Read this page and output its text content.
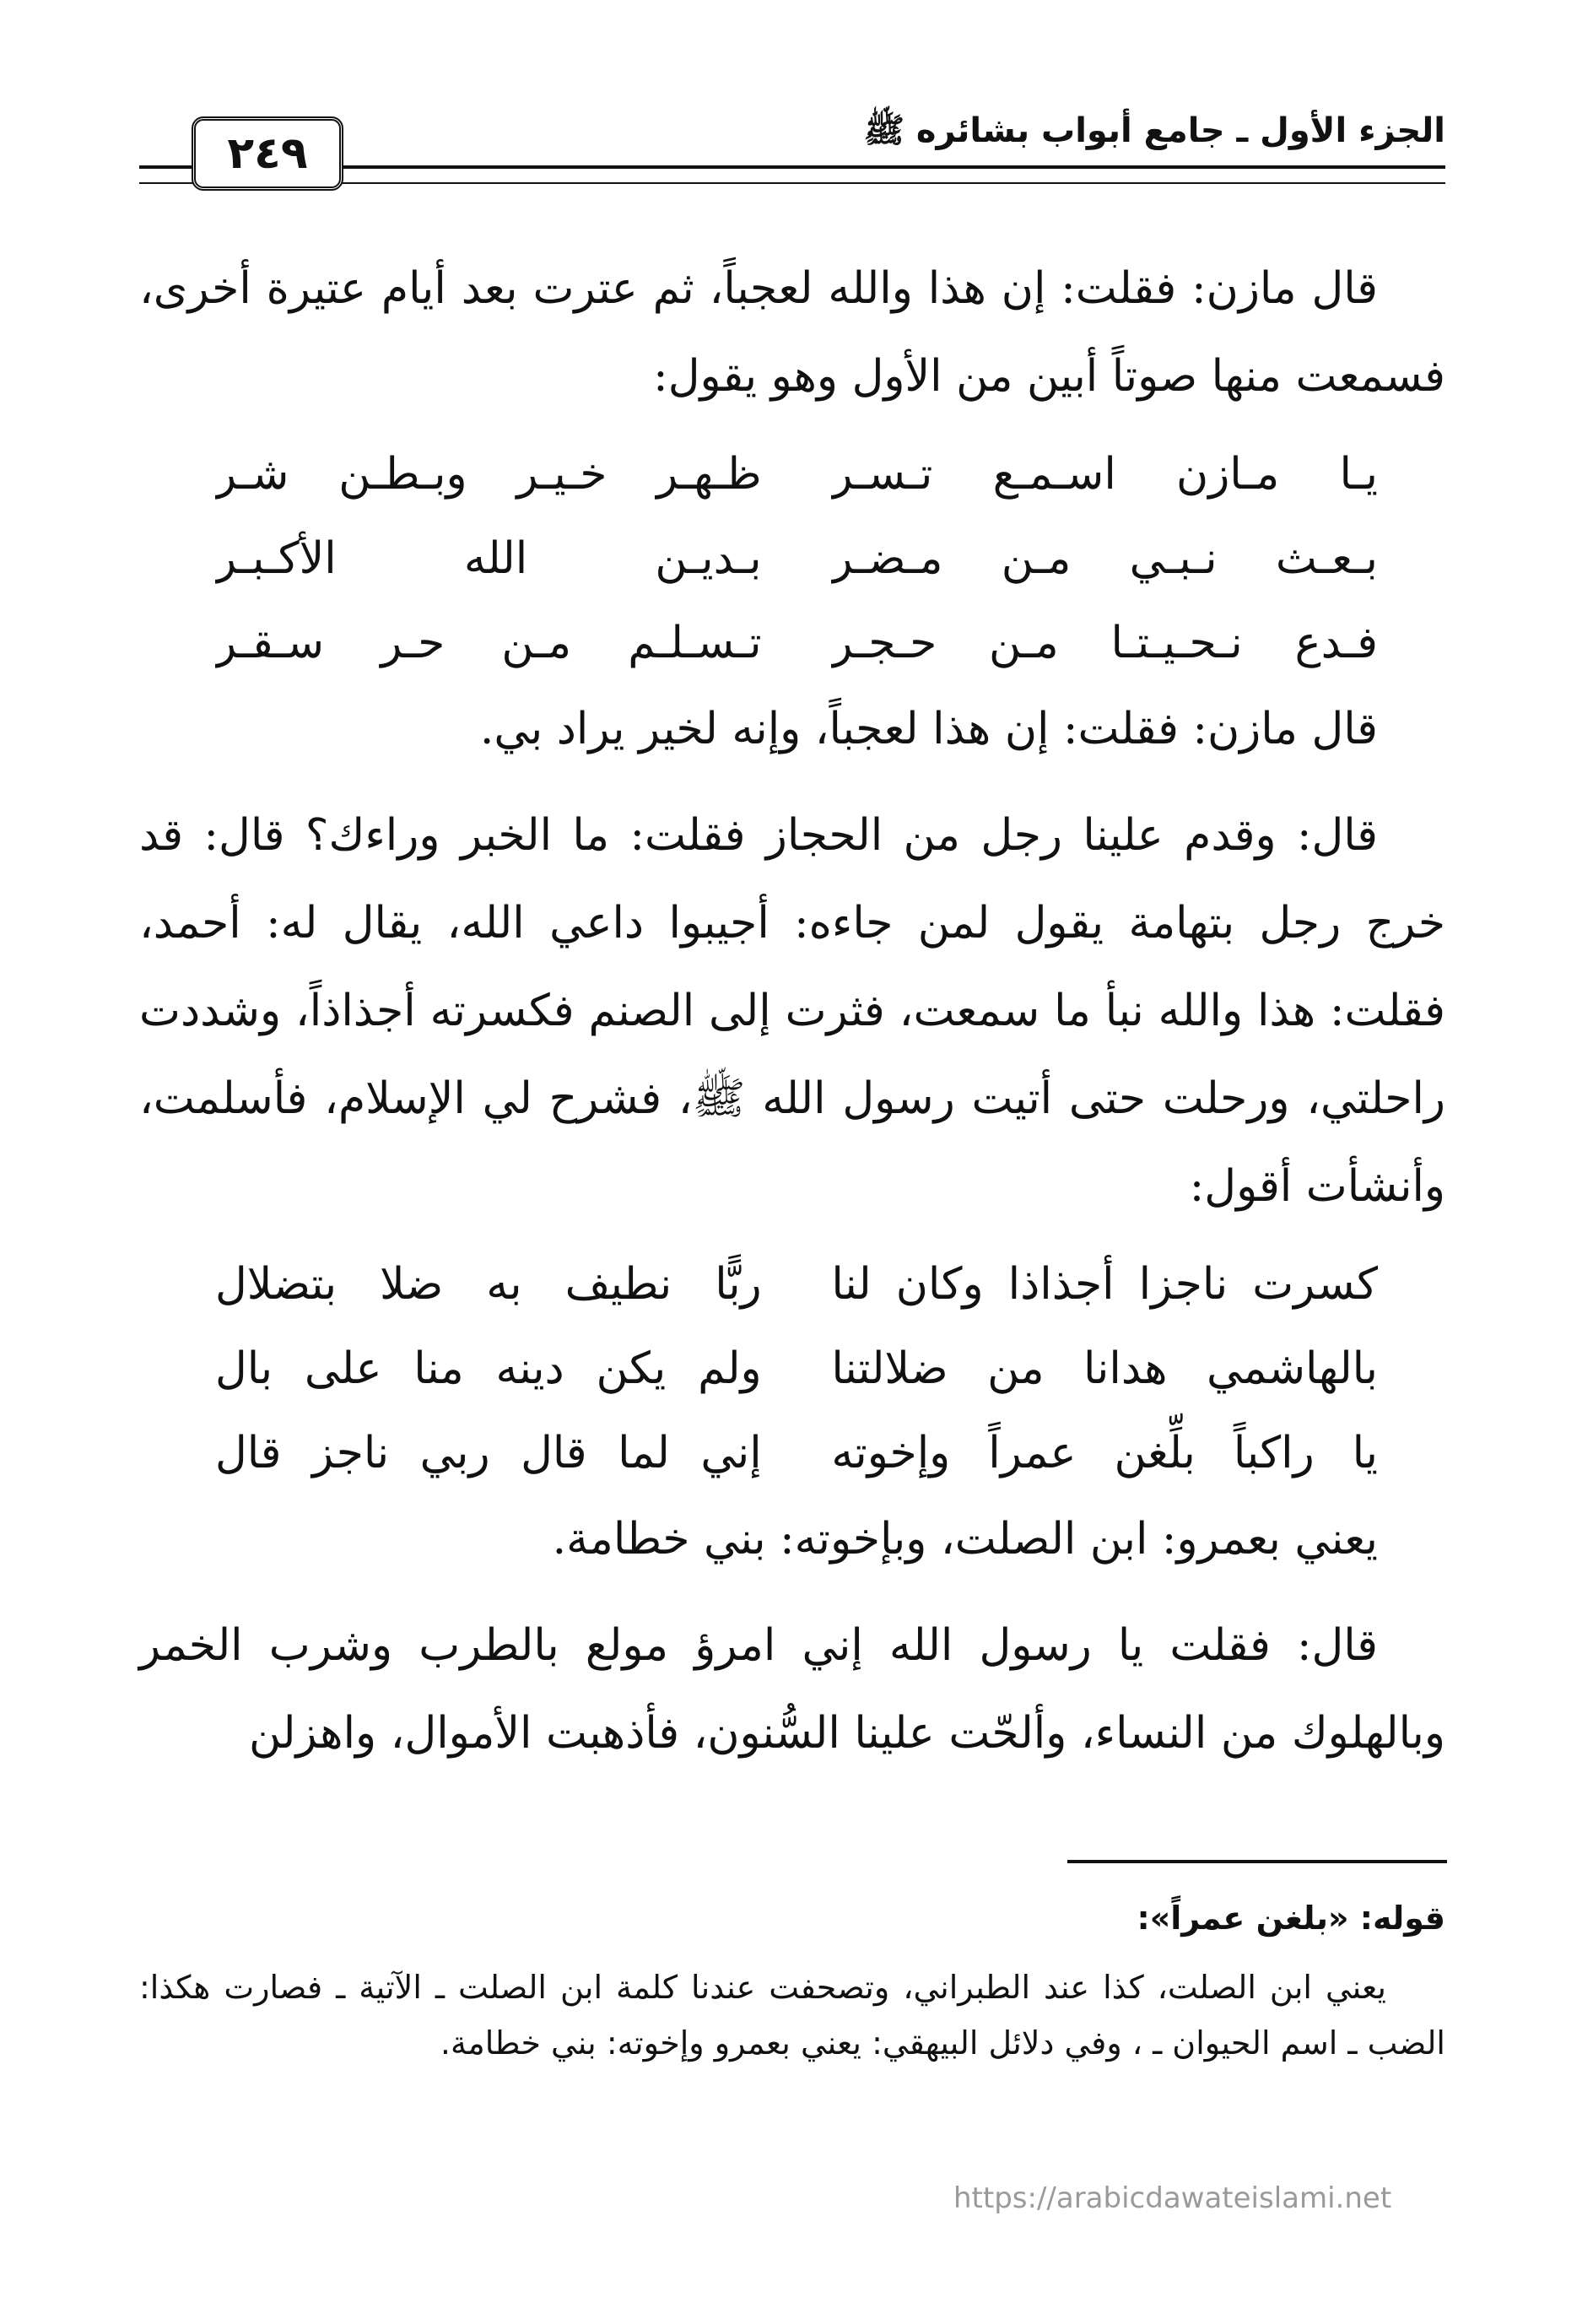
الجزء الأول ـ جامع أبواب بشائره ﷺ
٢٤٩

قال مازن: فقلت: إن هذا والله لعجباً، ثم عترت بعد أيام عتيرة أخرى، فسمعت منها صوتاً أبين من الأول وهو يقول:

يـا مـازن اسـمـع تـسـر
ظـهـر خـيـر وبـطـن شـر
بـعـث نـبـي مـن مـضـر
بـديـن الله الأكـبـر
فـدع نـحـيـتـا مـن حـجـر
تـسـلـم مـن حـر سـقـر

قال مازن: فقلت: إن هذا لعجباً، وإنه لخير يراد بي.

قال: وقدم علينا رجل من الحجاز فقلت: ما الخبر وراءك؟ قال: قد خرج رجل بتهامة يقول لمن جاءه: أجيبوا داعي الله، يقال له: أحمد، فقلت: هذا والله نبأ ما سمعت، فثرت إلى الصنم فكسرته أجذاذاً، وشددت راحلتي، ورحلت حتى أتيت رسول الله ﷺ، فشرح لي الإسلام، فأسلمت، وأنشأت أقول:

كسرت ناجزا أجذاذا وكان لنا
ربًّا نطيف به ضلا بتضلال
بالهاشمي هدانا من ضلالتنا
ولم يكن دينه منا على بال
يا راكباً بلِّغن عمراً وإخوته
إني لما قال ربي ناجز قال

يعني بعمرو: ابن الصلت، وبإخوته: بني خطامة.

قال: فقلت يا رسول الله إني امرؤ مولع بالطرب وشرب الخمر وبالهلوك من النساء، وألحّت علينا السُّنون، فأذهبت الأموال، واهزلن

قوله: «بلغن عمراً»:

يعني ابن الصلت، كذا عند الطبراني، وتصحفت عندنا كلمة ابن الصلت ـ الآتية ـ فصارت هكذا: الضب ـ اسم الحيوان ـ ، وفي دلائل البيهقي: يعني بعمرو وإخوته: بني خطامة.

https://arabicdawateislami.net
